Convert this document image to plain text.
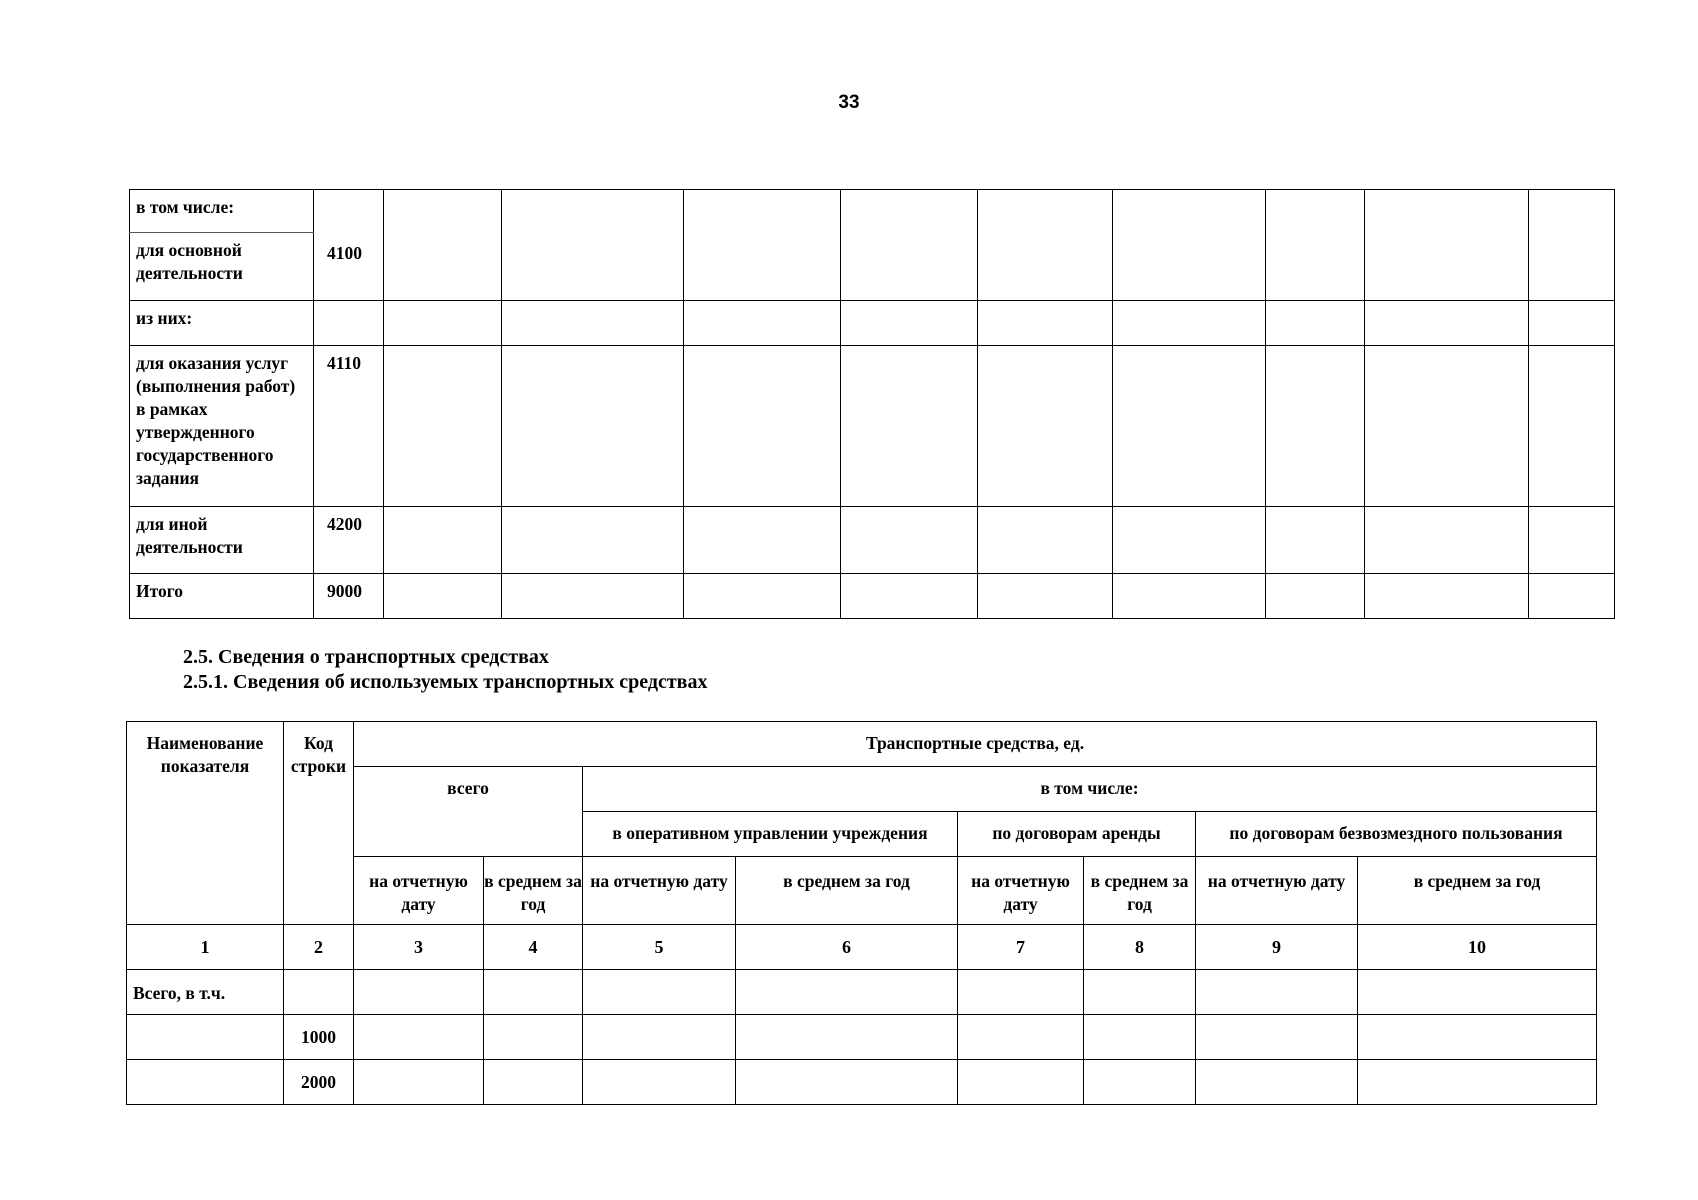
33
в том числе:	4100									
для основной деятельности										
из них:										
для оказания услуг (выполнения работ) в рамках утвержденного государственного задания	4110									
для иной деятельности	4200									
Итого	9000									
2.5. Сведения о транспортных средствах
2.5.1. Сведения об используемых транспортных средствах
Наименование показателя	Код строки	Транспортные средства, ед.							
		всего		в том числе:					
				в оперативном управлении учреждения		по договорам аренды		по договорам безвозмездного пользования	
		на отчетную дату	в среднем за год	на отчетную дату	в среднем за год	на отчетную дату	в среднем за год	на отчетную дату	в среднем за год
1	2	3	4	5	6	7	8	9	10
Всего, в т.ч.									
	1000								
	2000								
